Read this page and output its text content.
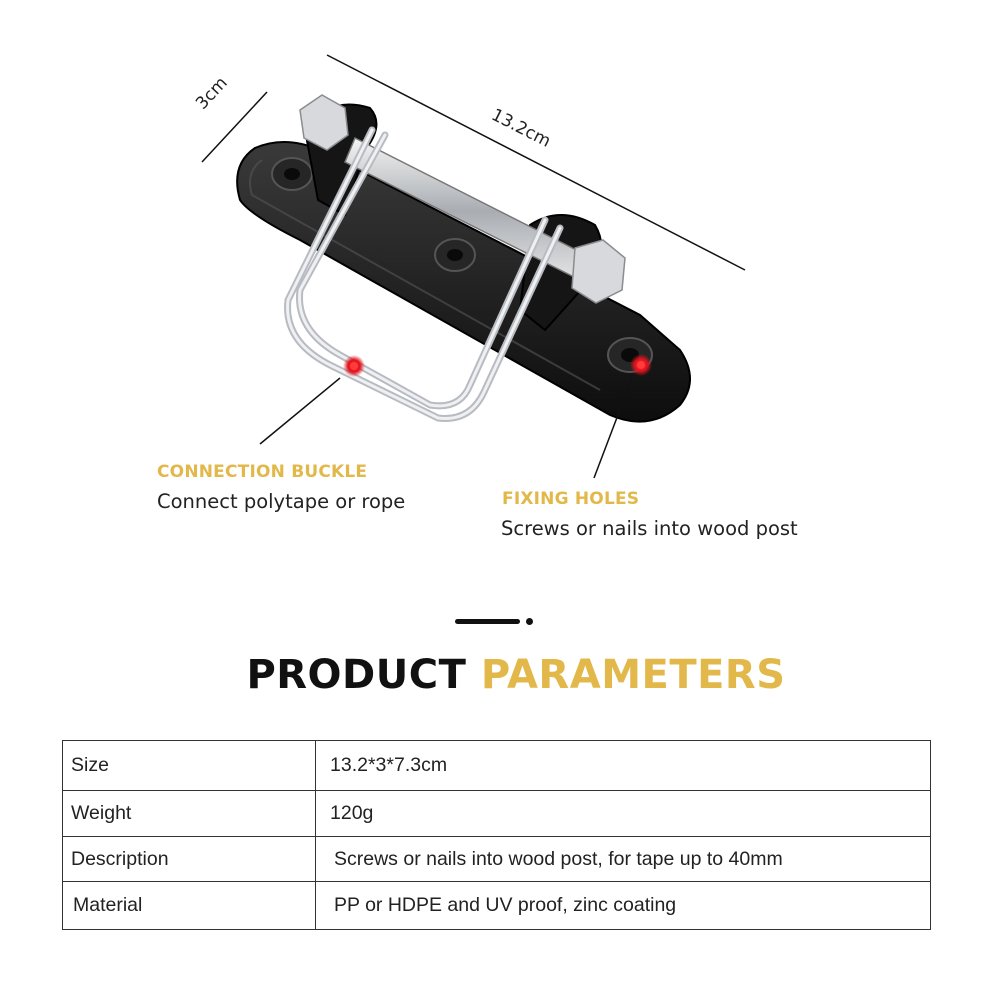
3cm
13.2cm
CONNECTION BUCKLE
Connect polytape or rope	FIXING HOLES
Screws or nails into wood post
PRODUCT PARAMETERS
Size	13.2*3*7.3cm
Weight	120g
Description	Screws or nails into wood post, for tape up to 40mm
Material	PP or HDPE and UV proof, zinc coating
